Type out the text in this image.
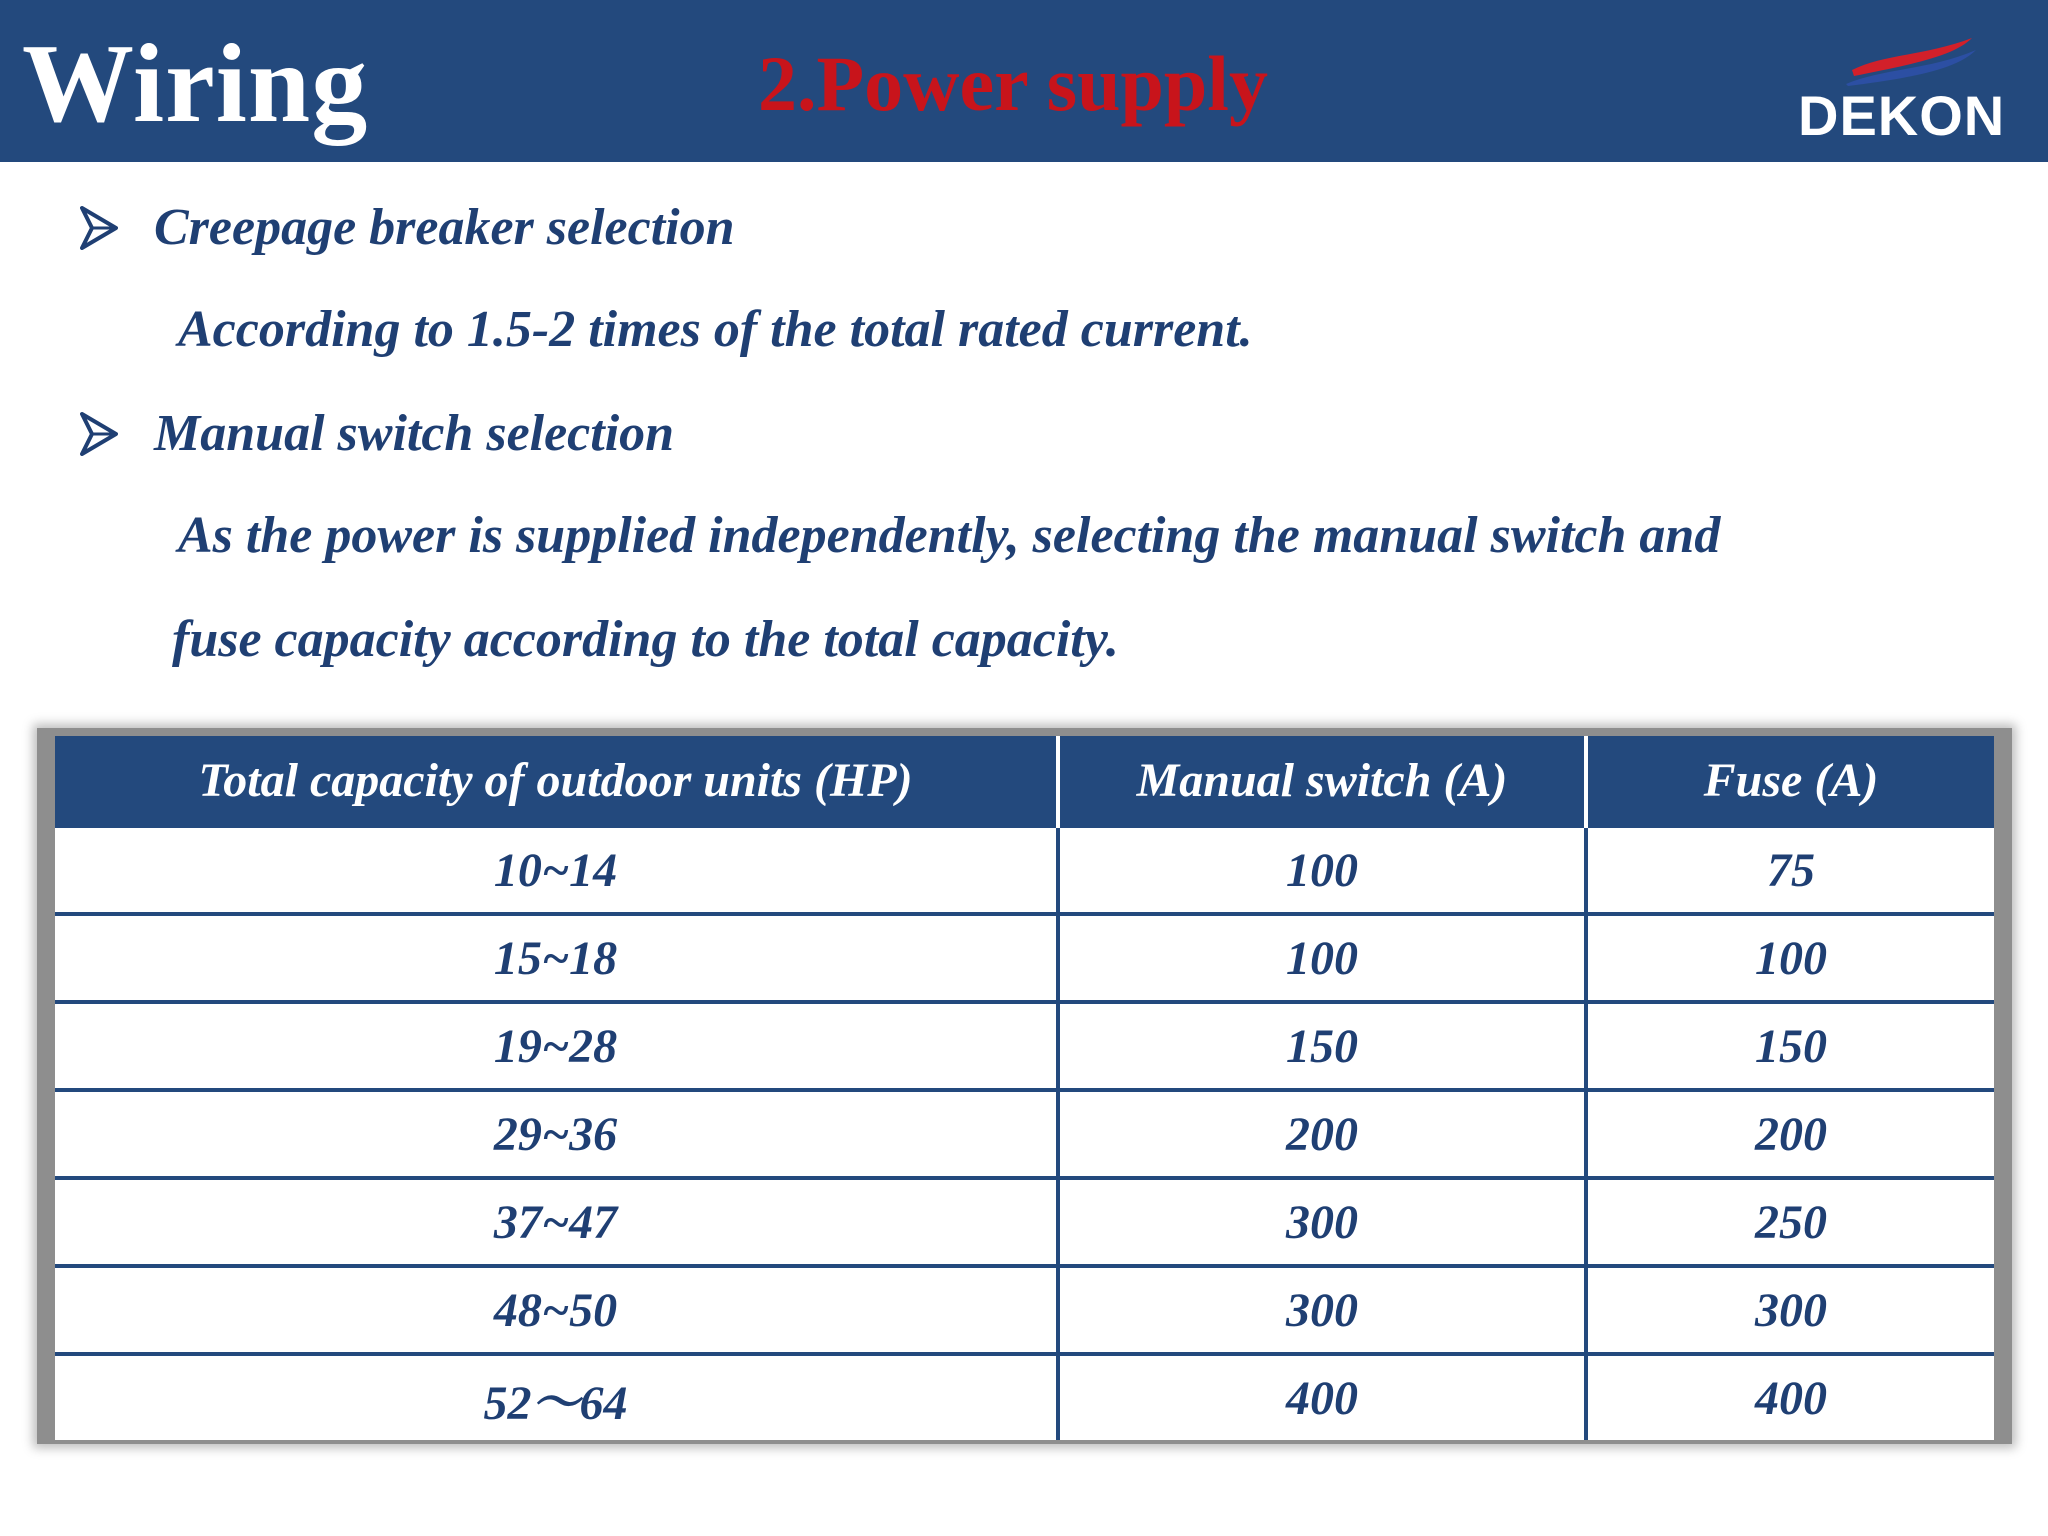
Wiring	2.Power supply	DEKON
Creepage breaker selection
According to 1.5-2 times of the total rated current.
Manual switch selection
As the power is supplied independently, selecting the manual switch and
fuse capacity according to the total capacity.
Total capacity of outdoor units (HP)	Manual switch (A)	Fuse (A)
10~14	100	75
15~18	100	100
19~28	150	150
29~36	200	200
37~47	300	250
48~50	300	300
52～64	400	400
